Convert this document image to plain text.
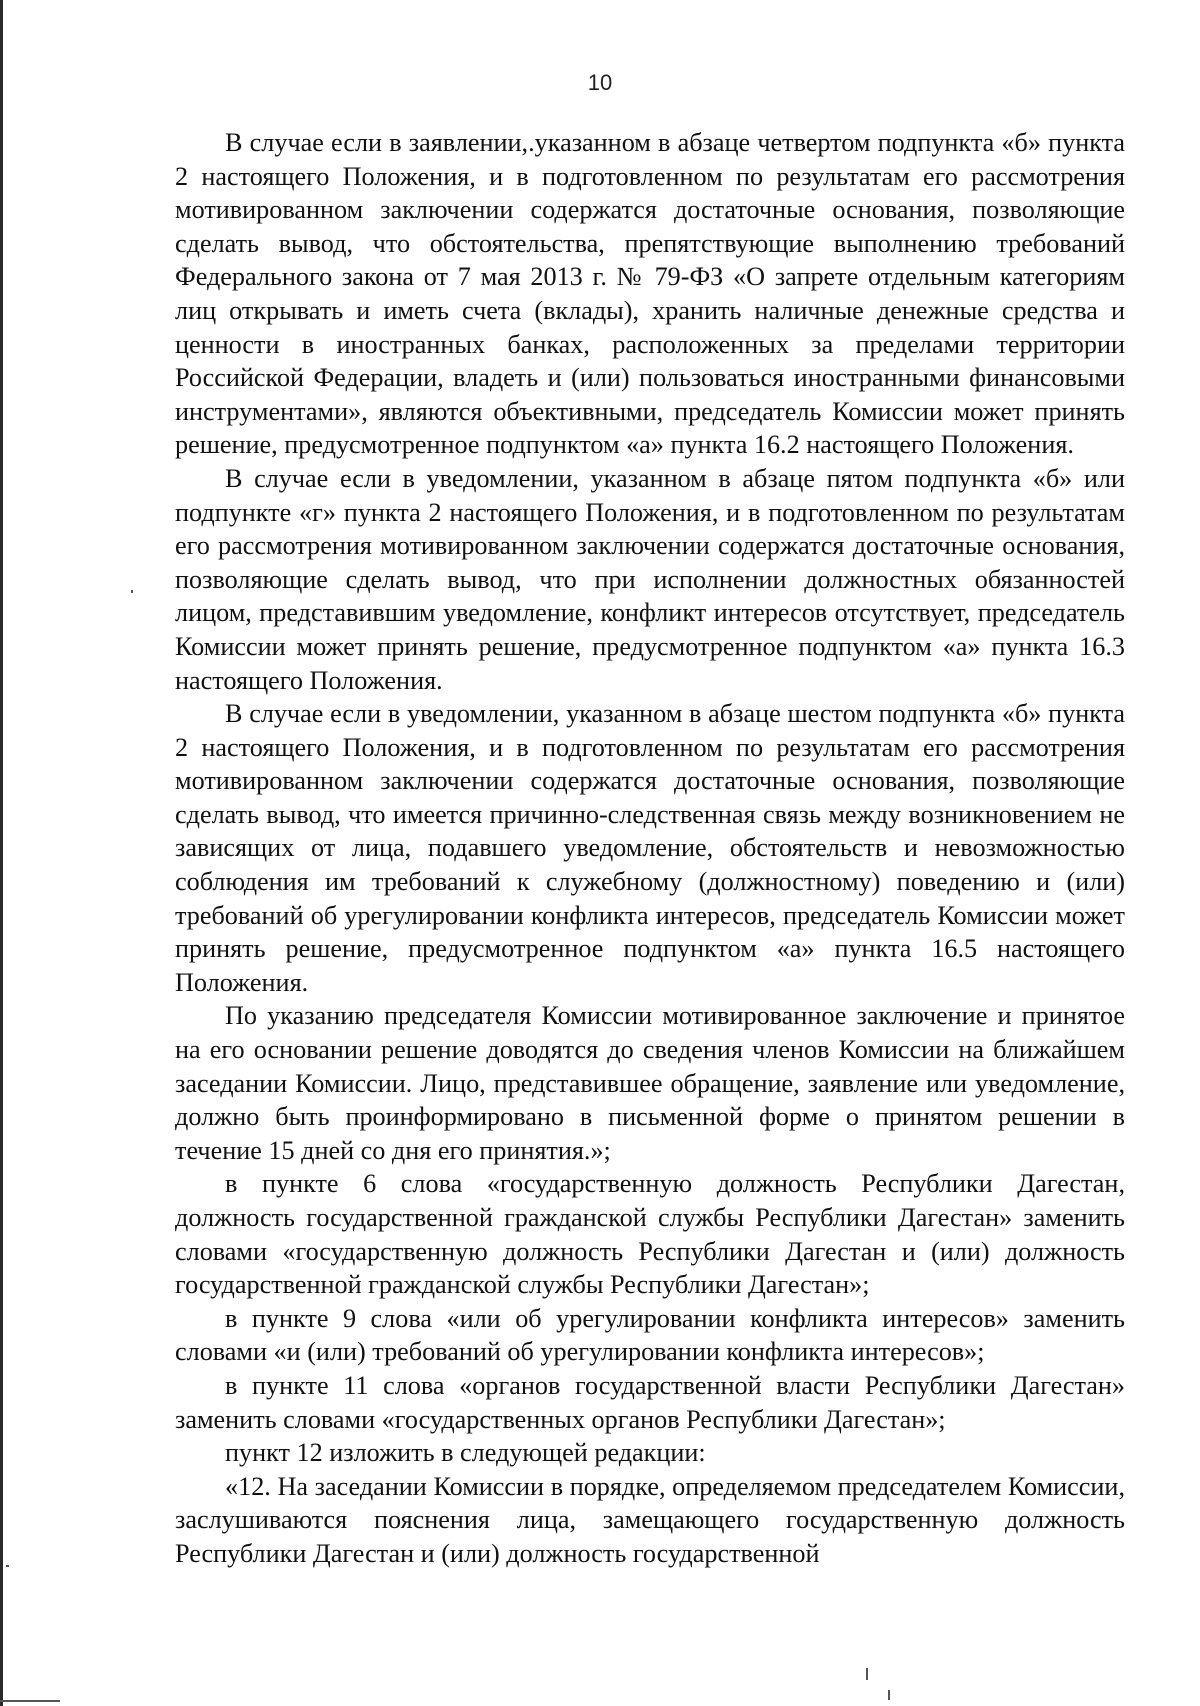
10

В случае если в заявлении,.указанном в абзаце четвертом подпункта «б» пункта 2 настоящего Положения, и в подготовленном по результатам его рассмотрения мотивированном заключении содержатся достаточные основания, позволяющие сделать вывод, что обстоятельства, препятствующие выполнению требований Федерального закона от 7 мая 2013 г. № 79-ФЗ «О запрете отдельным категориям лиц открывать и иметь счета (вклады), хранить наличные денежные средства и ценности в иностранных банках, расположенных за пределами территории Российской Федерации, владеть и (или) пользоваться иностранными финансовыми инструментами», являются объективными, председатель Комиссии может принять решение, предусмотренное подпунктом «а» пункта 16.2 настоящего Положения.

В случае если в уведомлении, указанном в абзаце пятом подпункта «б» или подпункте «г» пункта 2 настоящего Положения, и в подготовленном по результатам его рассмотрения мотивированном заключении содержатся достаточные основания, позволяющие сделать вывод, что при исполнении должностных обязанностей лицом, представившим уведомление, конфликт интересов отсутствует, председатель Комиссии может принять решение, предусмотренное подпунктом «а» пункта 16.3 настоящего Положения.

В случае если в уведомлении, указанном в абзаце шестом подпункта «б» пункта 2 настоящего Положения, и в подготовленном по результатам его рассмотрения мотивированном заключении содержатся достаточные основания, позволяющие сделать вывод, что имеется причинно-следственная связь между возникновением не зависящих от лица, подавшего уведомление, обстоятельств и невозможностью соблюдения им требований к служебному (должностному) поведению и (или) требований об урегулировании конфликта интересов, председатель Комиссии может принять решение, предусмотренное подпунктом «а» пункта 16.5 настоящего Положения.

По указанию председателя Комиссии мотивированное заключение и принятое на его основании решение доводятся до сведения членов Комиссии на ближайшем заседании Комиссии. Лицо, представившее обращение, заявление или уведомление, должно быть проинформировано в письменной форме о принятом решении в течение 15 дней со дня его принятия.»;

в пункте 6 слова «государственную должность Республики Дагестан, должность государственной гражданской службы Республики Дагестан» заменить словами «государственную должность Республики Дагестан и (или) должность государственной гражданской службы Республики Дагестан»;

в пункте 9 слова «или об урегулировании конфликта интересов» заменить словами «и (или) требований об урегулировании конфликта интересов»;

в пункте 11 слова «органов государственной власти Республики Дагестан» заменить словами «государственных органов Республики Дагестан»;

пункт 12 изложить в следующей редакции:

«12. На заседании Комиссии в порядке, определяемом председателем Комиссии, заслушиваются пояснения лица, замещающего государственную должность Республики Дагестан и (или) должность государственной
